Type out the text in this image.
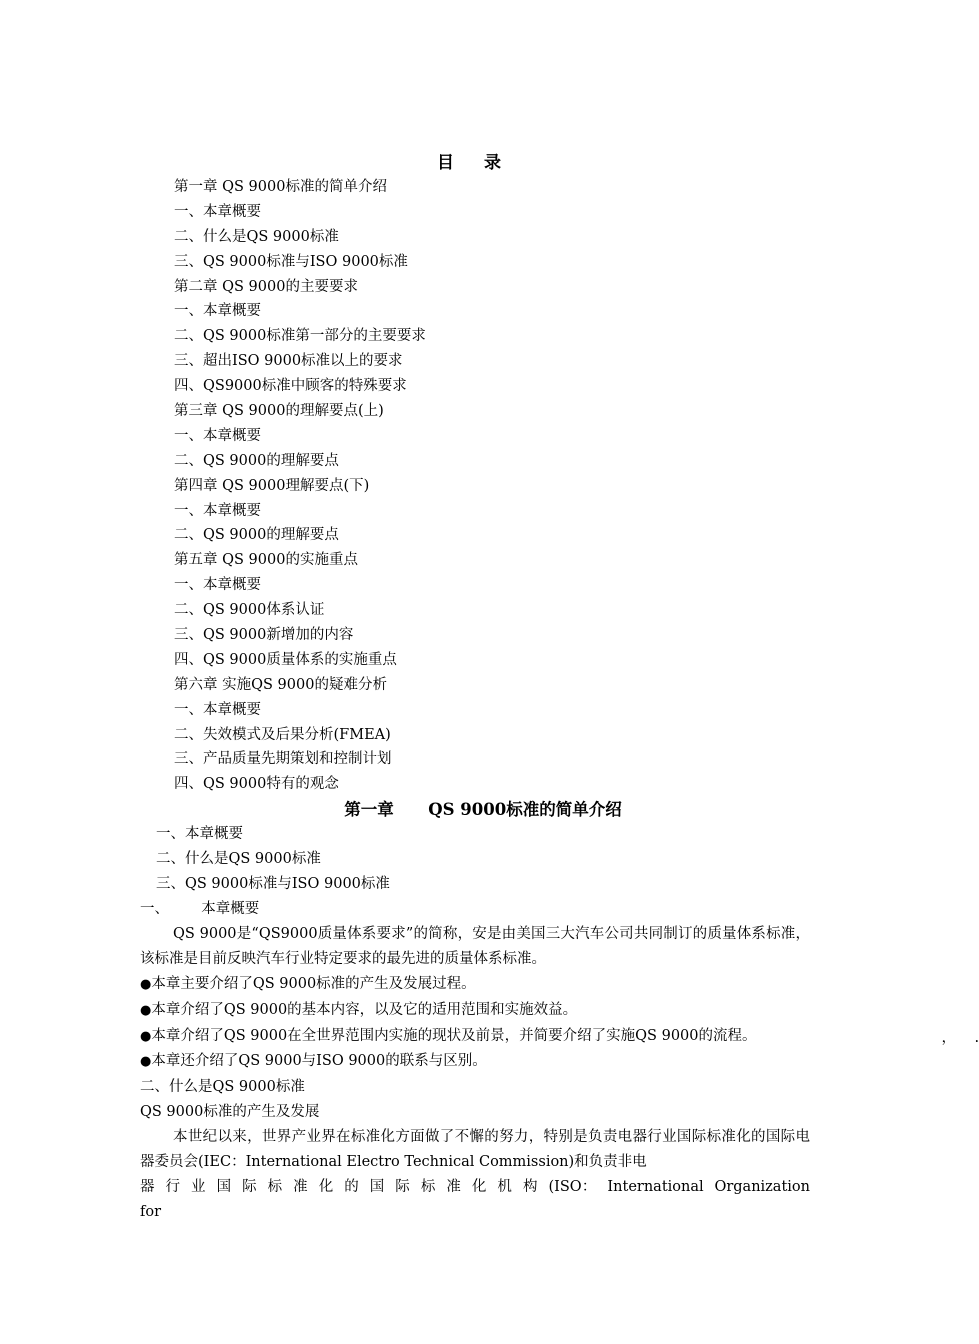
目 录
第一章 QS 9000标准的简单介绍
一、本章概要
二、什么是QS 9000标准
三、QS 9000标准与ISO 9000标准
第二章 QS 9000的主要要求
一、本章概要
二、QS 9000标准第一部分的主要要求
三、超出ISO 9000标准以上的要求
四、QS9000标准中顾客的特殊要求
第三章 QS 9000的理解要点(上)
一、本章概要
二、QS 9000的理解要点
第四章 QS 9000理解要点(下)
一、本章概要
二、QS 9000的理解要点
第五章 QS 9000的实施重点
一、本章概要
二、QS 9000体系认证
三、QS 9000新增加的内容
四、QS 9000质量体系的实施重点
第六章 实施QS 9000的疑难分析
一、本章概要
二、失效模式及后果分析(FMEA)
三、产品质量先期策划和控制计划
四、QS 9000特有的观念
第一章      QS 9000标准的简单介绍
一、本章概要
二、什么是QS 9000标准
三、QS 9000标准与ISO 9000标准

一、       本章概要

QS 9000是“QS9000质量体系要求”的简称，安是由美国三大汽车公司共同制订的质量体系标准，该标准是目前反映汽车行业特定要求的最先进的质量体系标准。

●本章主要介绍了QS 9000标准的产生及发展过程。

●本章介绍了QS 9000的基本内容，以及它的适用范围和实施效益。

●本章介绍了QS 9000在全世界范围内实施的现状及前景，并简要介绍了实施QS 9000的流程。	，    .

●本章还介绍了QS 9000与ISO 9000的联系与区别。

二、什么是QS 9000标准

QS 9000标准的产生及发展

本世纪以来，世界产业界在标准化方面做了不懈的努力，特别是负责电器行业国际标准化的国际电器委员会(IEC：International Electro Technical Commission)和负责非电

器 行 业 国 际 标 准 化 的 国 际 标 准 化 机 构 (ISO： International Organization for
